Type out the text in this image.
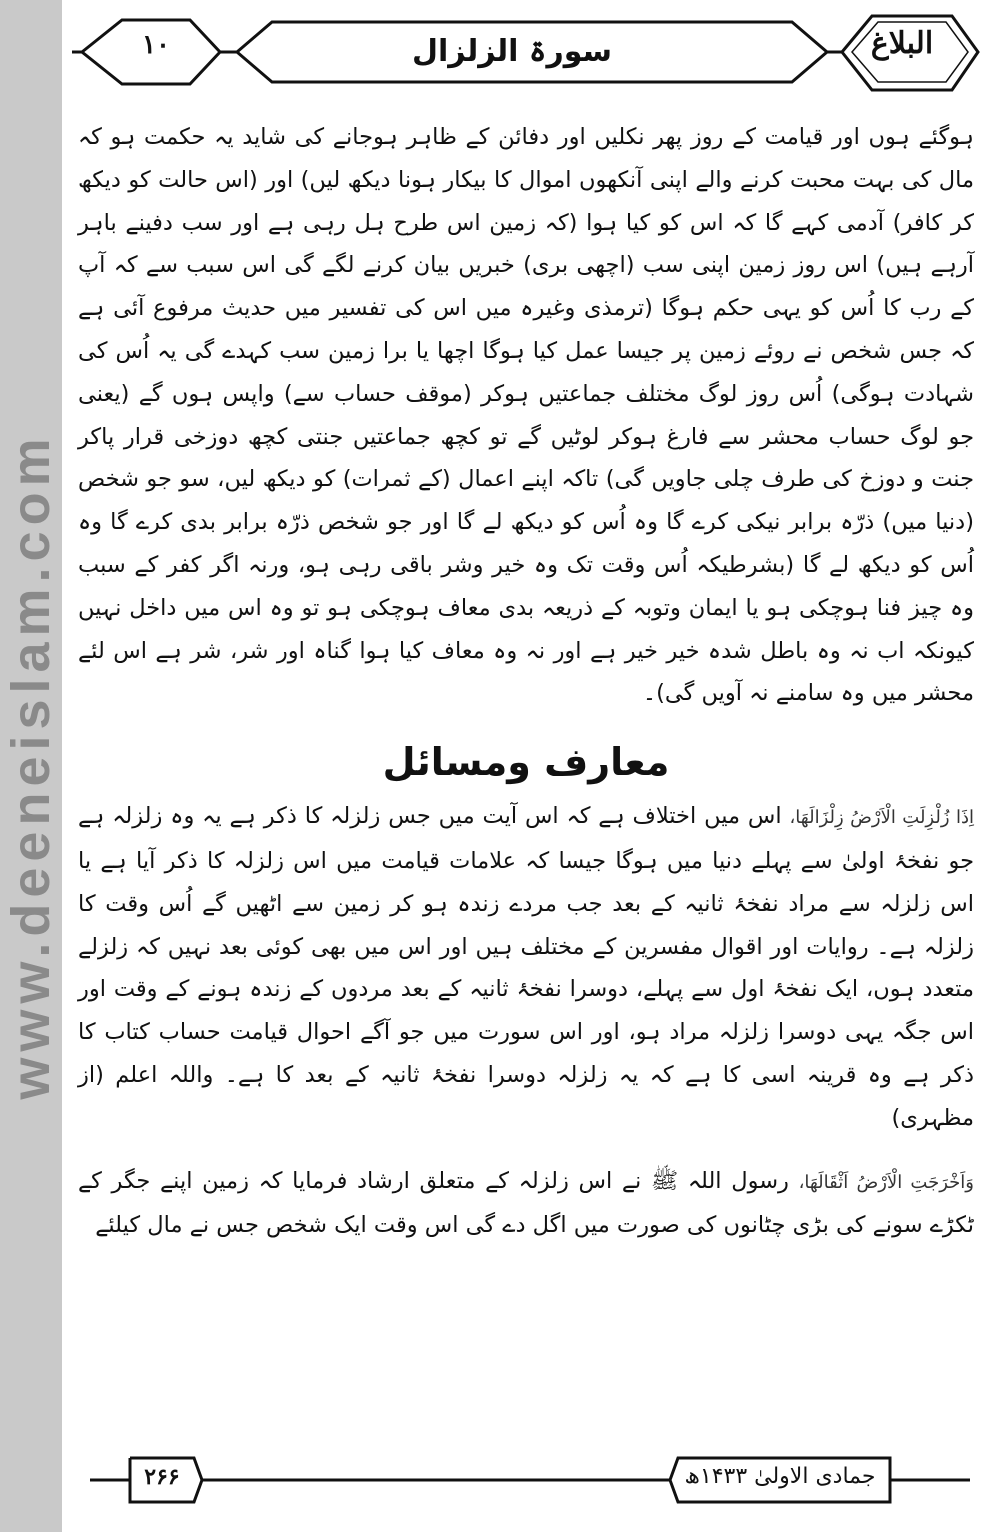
www.deeneislam.com
۱۰	سورۃ الزلزال	البلاغ

ہوگئے ہوں اور قیامت کے روز پھر نکلیں اور دفائن کے ظاہر ہوجانے کی شاید یہ حکمت ہو کہ مال کی بہت محبت کرنے والے اپنی آنکھوں اموال کا بیکار ہونا دیکھ لیں) اور (اس حالت کو دیکھ کر کافر) آدمی کہے گا کہ اس کو کیا ہوا (کہ زمین اس طرح ہل رہی ہے اور سب دفینے باہر آرہے ہیں) اس روز زمین اپنی سب (اچھی بری) خبریں بیان کرنے لگے گی اس سبب سے کہ آپ کے رب کا اُس کو یہی حکم ہوگا (ترمذی وغیرہ میں اس کی تفسیر میں حدیث مرفوع آئی ہے کہ جس شخص نے روئے زمین پر جیسا عمل کیا ہوگا اچھا یا برا زمین سب کہدے گی یہ اُس کی شہادت ہوگی) اُس روز لوگ مختلف جماعتیں ہوکر (موقف حساب سے) واپس ہوں گے (یعنی جو لوگ حساب محشر سے فارغ ہوکر لوٹیں گے تو کچھ جماعتیں جنتی کچھ دوزخی قرار پاکر جنت و دوزخ کی طرف چلی جاویں گی) تاکہ اپنے اعمال (کے ثمرات) کو دیکھ لیں، سو جو شخص (دنیا میں) ذرّہ برابر نیکی کرے گا وہ اُس کو دیکھ لے گا اور جو شخص ذرّہ برابر بدی کرے گا وہ اُس کو دیکھ لے گا (بشرطیکہ اُس وقت تک وہ خیر وشر باقی رہی ہو، ورنہ اگر کفر کے سبب وہ چیز فنا ہوچکی ہو یا ایمان وتوبہ کے ذریعہ بدی معاف ہوچکی ہو تو وہ اس میں داخل نہیں کیونکہ اب نہ وہ باطل شدہ خیر خیر ہے اور نہ وہ معاف کیا ہوا گناہ اور شر، شر ہے اس لئے محشر میں وہ سامنے نہ آویں گی)۔

معارف ومسائل

اِذَا زُلْزِلَتِ الْاَرْضُ زِلْزَالَهَا، اس میں اختلاف ہے کہ اس آیت میں جس زلزلہ کا ذکر ہے یہ وہ زلزلہ ہے جو نفخۂ اولیٰ سے پہلے دنیا میں ہوگا جیسا کہ علامات قیامت میں اس زلزلہ کا ذکر آیا ہے یا اس زلزلہ سے مراد نفخۂ ثانیہ کے بعد جب مردے زندہ ہو کر زمین سے اٹھیں گے اُس وقت کا زلزلہ ہے۔ روایات اور اقوال مفسرین کے مختلف ہیں اور اس میں بھی کوئی بعد نہیں کہ زلزلے متعدد ہوں، ایک نفخۂ اول سے پہلے، دوسرا نفخۂ ثانیہ کے بعد مردوں کے زندہ ہونے کے وقت اور اس جگہ یہی دوسرا زلزلہ مراد ہو، اور اس سورت میں جو آگے احوال قیامت حساب کتاب کا ذکر ہے وہ قرینہ اسی کا ہے کہ یہ زلزلہ دوسرا نفخۂ ثانیہ کے بعد کا ہے۔ واللہ اعلم (از مظہری)

وَاَخْرَجَتِ الْاَرْضُ اَثْقَالَهَا، رسول اللہ ﷺ نے اس زلزلہ کے متعلق ارشاد فرمایا کہ زمین اپنے جگر کے ٹکڑے سونے کی بڑی چٹانوں کی صورت میں اگل دے گی اس وقت ایک شخص جس نے مال کیلئے

۲۶۶	جمادی الاولیٰ ۱۴۳۳ھ
